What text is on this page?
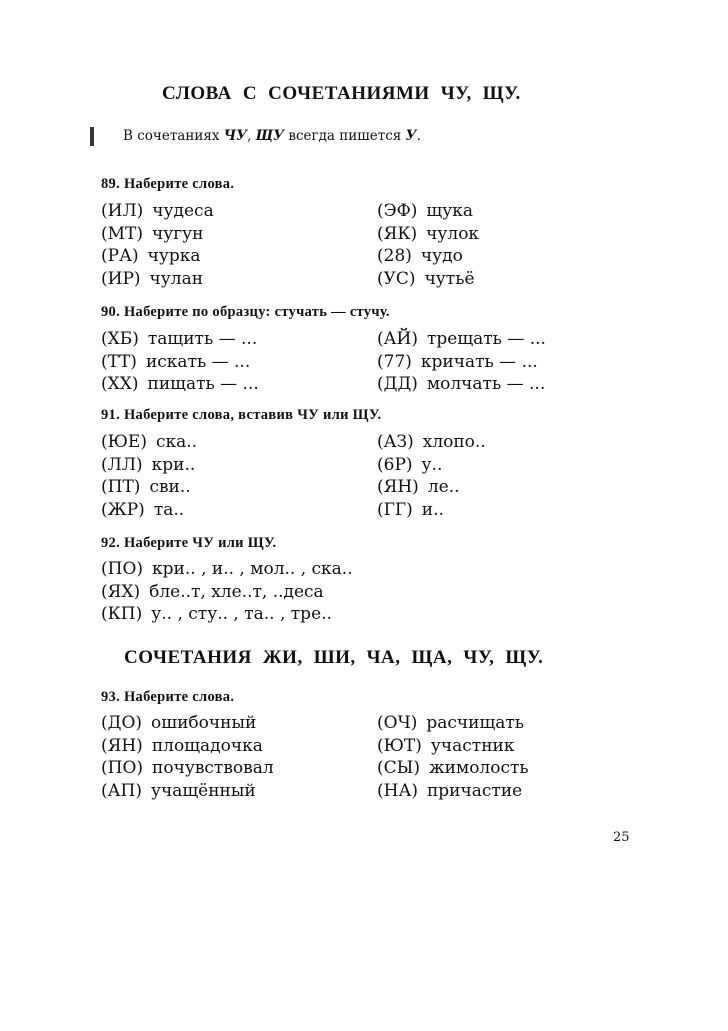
СЛОВА С СОЧЕТАНИЯМИ ЧУ, ЩУ.
В сочетаниях ЧУ, ЩУ всегда пишется У.
89. Наберите слова.
(ИЛ) чудеса
(МТ) чугун
(РА) чурка
(ИР) чулан
(ЭФ) щука
(ЯК) чулок
(28) чудо
(УС) чутьё
90. Наберите по образцу: стучать — стучу.
(ХБ) тащить — ...
(ТТ) искать — ...
(ХХ) пищать — ...
(АЙ) трещать — ...
(77) кричать — ...
(ДД) молчать — ...
91. Наберите слова, вставив ЧУ или ЩУ.
(ЮЕ) ска..
(ЛЛ) кри..
(ПТ) сви..
(ЖР) та..
(АЗ) хлопо..
(6Р) у..
(ЯН) ле..
(ГГ) и..
92. Наберите ЧУ или ЩУ.
(ПО) кри.. , и.. , мол.. , ска..
(ЯХ) бле..т, хле..т, ..деса
(КП) у.. , сту.. , та.. , тре..
СОЧЕТАНИЯ ЖИ, ШИ, ЧА, ЩА, ЧУ, ЩУ.
93. Наберите слова.
(ДО) ошибочный
(ЯН) площадочка
(ПО) почувствовал
(АП) учащённый
(ОЧ) расчищать
(ЮТ) участник
(СЫ) жимолость
(НА) причастие
25
